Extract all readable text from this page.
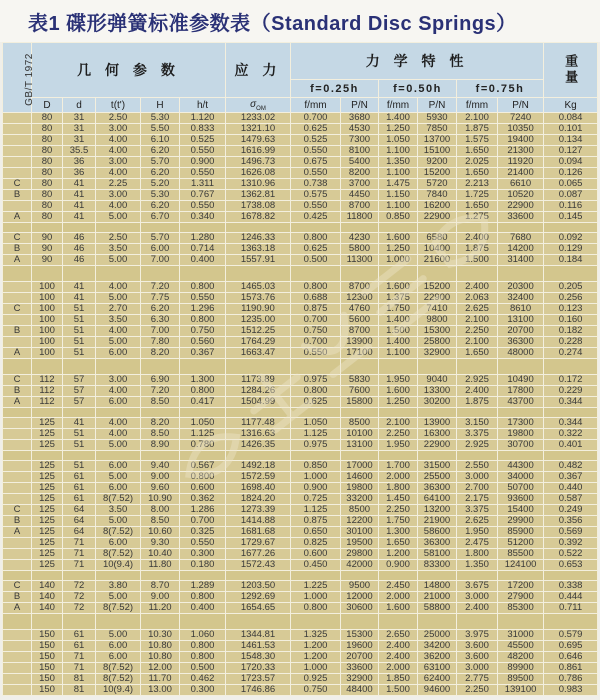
表1 碟形弹簧标准参数表（Standard Disc Springs）
GB/T 1972	几 何 参 数					应 力	力 学 特 性						重量

							f=0.25h		f=0.50h		f=0.75h		
	D	d	t(t')	H	h/t	$\sigma_{OM}$	f/mm	P/N	f/mm	P/N	f/mm	P/N	Kg
	80	31	2.50	5.30	1.120	1233.02	0.700	3680	1.400	5930	2.100	7240	0.084
	80	31	3.00	5.50	0.833	1321.10	0.625	4530	1.250	7850	1.875	10350	0.101
	80	31	4.00	6.10	0.525	1479.63	0.525	7300	1.050	13700	1.575	19400	0.134
	80	35.5	4.00	6.20	0.550	1616.99	0.550	8100	1.100	15100	1.650	21300	0.127
	80	36	3.00	5.70	0.900	1496.73	0.675	5400	1.350	9200	2.025	11920	0.094
	80	36	4.00	6.20	0.550	1626.08	0.550	8200	1.100	15200	1.650	21400	0.126
C	80	41	2.25	5.20	1.311	1310.96	0.738	3700	1.475	5720	2.213	6610	0.065
B	80	41	3.00	5.30	0.767	1362.81	0.575	4450	1.150	7840	1.725	10520	0.087
	80	41	4.00	6.20	0.550	1738.08	0.550	8700	1.100	16200	1.650	22900	0.116
A	80	41	5.00	6.70	0.340	1678.82	0.425	11800	0.850	22900	1.275	33600	0.145

C	90	46	2.50	5.70	1.280	1246.33	0.800	4230	1.600	6580	2.400	7680	0.092
B	90	46	3.50	6.00	0.714	1363.18	0.625	5800	1.250	10400	1.875	14200	0.129
A	90	46	5.00	7.00	0.400	1557.91	0.500	11300	1.000	21600	1.500	31400	0.184

	100	41	4.00	7.20	0.800	1465.03	0.800	8700	1.600	15200	2.400	20300	0.205
	100	41	5.00	7.75	0.550	1573.76	0.688	12300	1.375	22900	2.063	32400	0.256
C	100	51	2.70	6.20	1.296	1190.90	0.875	4760	1.750	7410	2.625	8610	0.123
	100	51	3.50	6.30	0.800	1235.00	0.700	5600	1.400	9800	2.100	13100	0.160
B	100	51	4.00	7.00	0.750	1512.25	0.750	8700	1.500	15300	2.250	20700	0.182
	100	51	5.00	7.80	0.560	1764.29	0.700	13900	1.400	25800	2.100	36300	0.228
A	100	51	6.00	8.20	0.367	1663.47	0.550	17100	1.100	32900	1.650	48000	0.274

C	112	57	3.00	6.90	1.300	1173.89	0.975	5830	1.950	9040	2.925	10490	0.172
B	112	57	4.00	7.20	0.800	1284.26	0.800	7600	1.600	13300	2.400	17800	0.229
A	112	57	6.00	8.50	0.417	1504.99	0.625	15800	1.250	30200	1.875	43700	0.344

	125	41	4.00	8.20	1.050	1177.48	1.050	8500	2.100	13900	3.150	17300	0.344
	125	51	4.00	8.50	1.125	1316.63	1.125	10100	2.250	16300	3.375	19800	0.322
	125	51	5.00	8.90	0.780	1426.35	0.975	13100	1.950	22900	2.925	30700	0.401

	125	51	6.00	9.40	0.567	1492.18	0.850	17000	1.700	31500	2.550	44300	0.482
	125	61	5.00	9.00	0.800	1572.59	1.000	14600	2.000	25500	3.000	34000	0.367
	125	61	6.00	9.60	0.600	1698.40	0.900	19800	1.800	36300	2.700	50700	0.440
	125	61	8(7.52)	10.90	0.362	1824.20	0.725	33200	1.450	64100	2.175	93600	0.587
C	125	64	3.50	8.00	1.286	1273.39	1.125	8500	2.250	13200	3.375	15400	0.249
B	125	64	5.00	8.50	0.700	1414.88	0.875	12200	1.750	21900	2.625	29900	0.356
A	125	64	8(7.52)	10.60	0.325	1681.68	0.650	30100	1.300	58600	1.950	85900	0.569
	125	71	6.00	9.30	0.550	1729.67	0.825	19500	1.650	36300	2.475	51200	0.392
	125	71	8(7.52)	10.40	0.300	1677.26	0.600	29800	1.200	58100	1.800	85500	0.522
	125	71	10(9.4)	11.80	0.180	1572.43	0.450	42000	0.900	83300	1.350	124100	0.653

C	140	72	3.80	8.70	1.289	1203.50	1.225	9500	2.450	14800	3.675	17200	0.338
B	140	72	5.00	9.00	0.800	1292.69	1.000	12000	2.000	21000	3.000	27900	0.444
A	140	72	8(7.52)	11.20	0.400	1654.65	0.800	30600	1.600	58800	2.400	85300	0.711

	150	61	5.00	10.30	1.060	1344.81	1.325	15300	2.650	25000	3.975	31000	0.579
	150	61	6.00	10.80	0.800	1461.53	1.200	19600	2.400	34200	3.600	45500	0.695
	150	71	6.00	10.80	0.800	1548.30	1.200	20700	2.400	36200	3.600	48200	0.646
	150	71	8(7.52)	12.00	0.500	1720.33	1.000	33600	2.000	63100	3.000	89900	0.861
	150	81	8(7.52)	11.70	0.462	1723.57	0.925	32900	1.850	62400	2.775	89500	0.786
	150	81	10(9.4)	13.00	0.300	1746.86	0.750	48400	1.500	94600	2.250	139100	0.983
